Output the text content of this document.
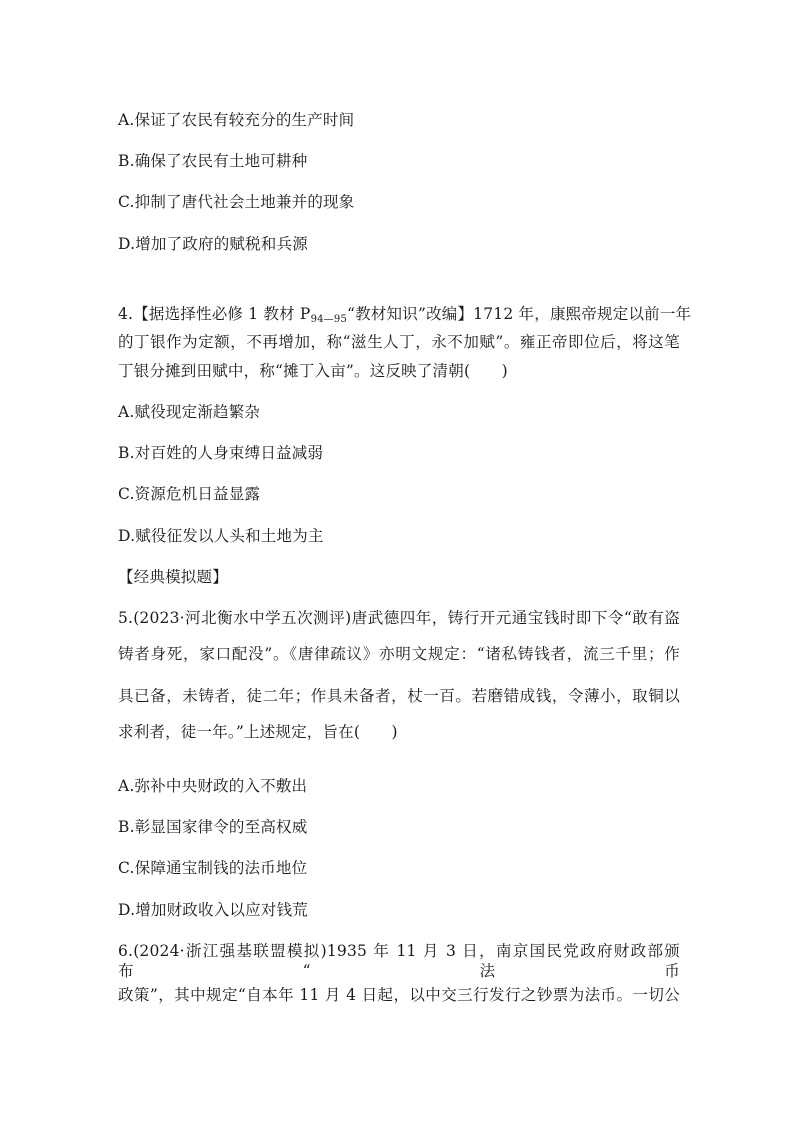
A.保证了农民有较充分的生产时间
B.确保了农民有土地可耕种
C.抑制了唐代社会土地兼并的现象
D.增加了政府的赋税和兵源
4.【据选择性必修 1 教材 $P_{94—95}“$教材知识”改编】1712 年，康熙帝规定以前一年
的丁银作为定额，不再增加，称“滋生人丁，永不加赋”。雍正帝即位后，将这笔
丁银分摊到田赋中，称“摊丁入亩”。这反映了清朝(　　)
A.赋役现定渐趋繁杂
B.对百姓的人身束缚日益减弱
C.资源危机日益显露
D.赋役征发以人头和土地为主
【经典模拟题】
5.(2023·河北衡水中学五次测评)唐武德四年，铸行开元通宝钱时即下令“敢有盗
铸者身死，家口配没”。《唐律疏议》亦明文规定：“诸私铸钱者，流三千里；作
具已备，未铸者，徒二年；作具未备者，杖一百。若磨错成钱，令薄小，取铜以
求利者，徒一年。”上述规定，旨在(　　)
A.弥补中央财政的入不敷出
B.彰显国家律令的至高权威
C.保障通宝制钱的法币地位
D.增加财政收入以应对钱荒
6.(2024·浙江强基联盟模拟)1935 年 11 月 3 日，南京国民党政府财政部颁布“法币
政策”，其中规定“自本年 11 月 4 日起，以中交三行发行之钞票为法币。一切公
